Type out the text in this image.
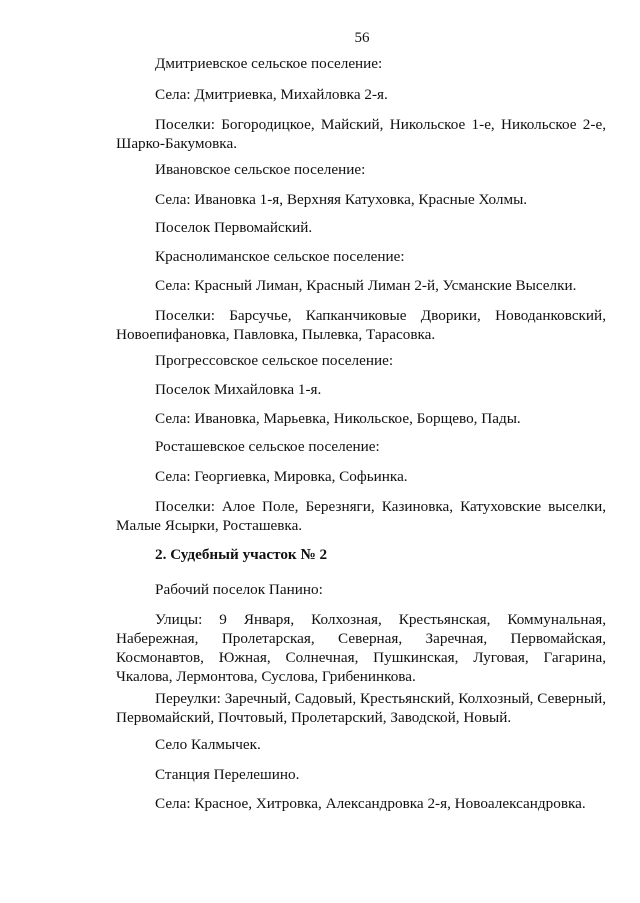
56

Дмитриевское сельское поселение:

Села: Дмитриевка, Михайловка 2-я.

Поселки: Богородицкое, Майский, Никольское 1-е, Никольское 2-е, Шарко-Бакумовка.

Ивановское сельское поселение:

Села: Ивановка 1-я, Верхняя Катуховка, Красные Холмы.

Поселок Первомайский.

Краснолиманское сельское поселение:

Села: Красный Лиман, Красный Лиман 2-й, Усманские Выселки.

Поселки: Барсучье, Капканчиковые Дворики, Новоданковский, Новоепифановка, Павловка, Пылевка, Тарасовка.

Прогрессовское сельское поселение:

Поселок Михайловка 1-я.

Села: Ивановка, Марьевка, Никольское, Борщево, Пады.

Росташевское сельское поселение:

Села: Георгиевка, Мировка, Софьинка.

Поселки: Алое Поле, Березняги, Казиновка, Катуховские выселки, Малые Ясырки, Росташевка.

2. Судебный участок № 2

Рабочий поселок Панино:

Улицы: 9 Января, Колхозная, Крестьянская, Коммунальная, Набережная, Пролетарская, Северная, Заречная, Первомайская, Космонавтов, Южная, Солнечная, Пушкинская, Луговая, Гагарина, Чкалова, Лермонтова, Суслова, Грибенинкова.

Переулки: Заречный, Садовый, Крестьянский, Колхозный, Северный, Первомайский, Почтовый, Пролетарский, Заводской, Новый.

Село Калмычек.

Станция Перелешино.

Села: Красное, Хитровка, Александровка 2-я, Новоалександровка.
